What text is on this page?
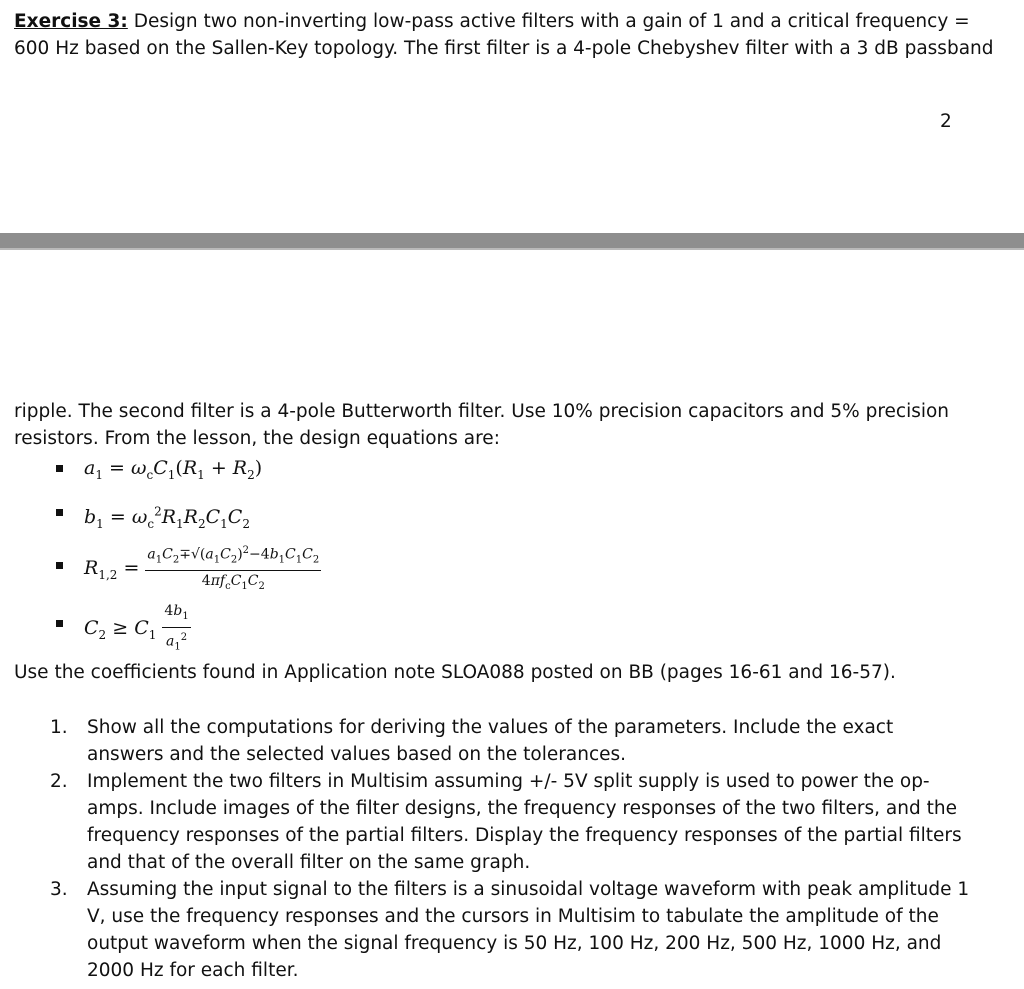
Exercise 3: Design two non-inverting low-pass active filters with a gain of 1 and a critical frequency = 600 Hz based on the Sallen-Key topology. The first filter is a 4-pole Chebyshev filter with a 3 dB passband

2

ripple. The second filter is a 4-pole Butterworth filter. Use 10% precision capacitors and 5% precision resistors. From the lesson, the design equations are:

$a_1 = \omega_cC_1(R_1 + R_2)$
$b_1 = \omega_c^2R_1R_2C_1C_2$
$R_{1,2} = \frac{a_1C_2\mp√(a_1C_2)^2-4b_1C_1C_2}{4\pi f_cC_1C_2}$
$C_2 \ge C_1 \frac{4b_1}{a_1^2}$

Use the coefficients found in Application note SLOA088 posted on BB (pages 16-61 and 16-57).

1. Show all the computations for deriving the values of the parameters. Include the exact answers and the selected values based on the tolerances.
2. Implement the two filters in Multisim assuming +/- 5V split supply is used to power the op-amps. Include images of the filter designs, the frequency responses of the two filters, and the frequency responses of the partial filters. Display the frequency responses of the partial filters and that of the overall filter on the same graph.
3. Assuming the input signal to the filters is a sinusoidal voltage waveform with peak amplitude 1 V, use the frequency responses and the cursors in Multisim to tabulate the amplitude of the output waveform when the signal frequency is 50 Hz, 100 Hz, 200 Hz, 500 Hz, 1000 Hz, and 2000 Hz for each filter.
